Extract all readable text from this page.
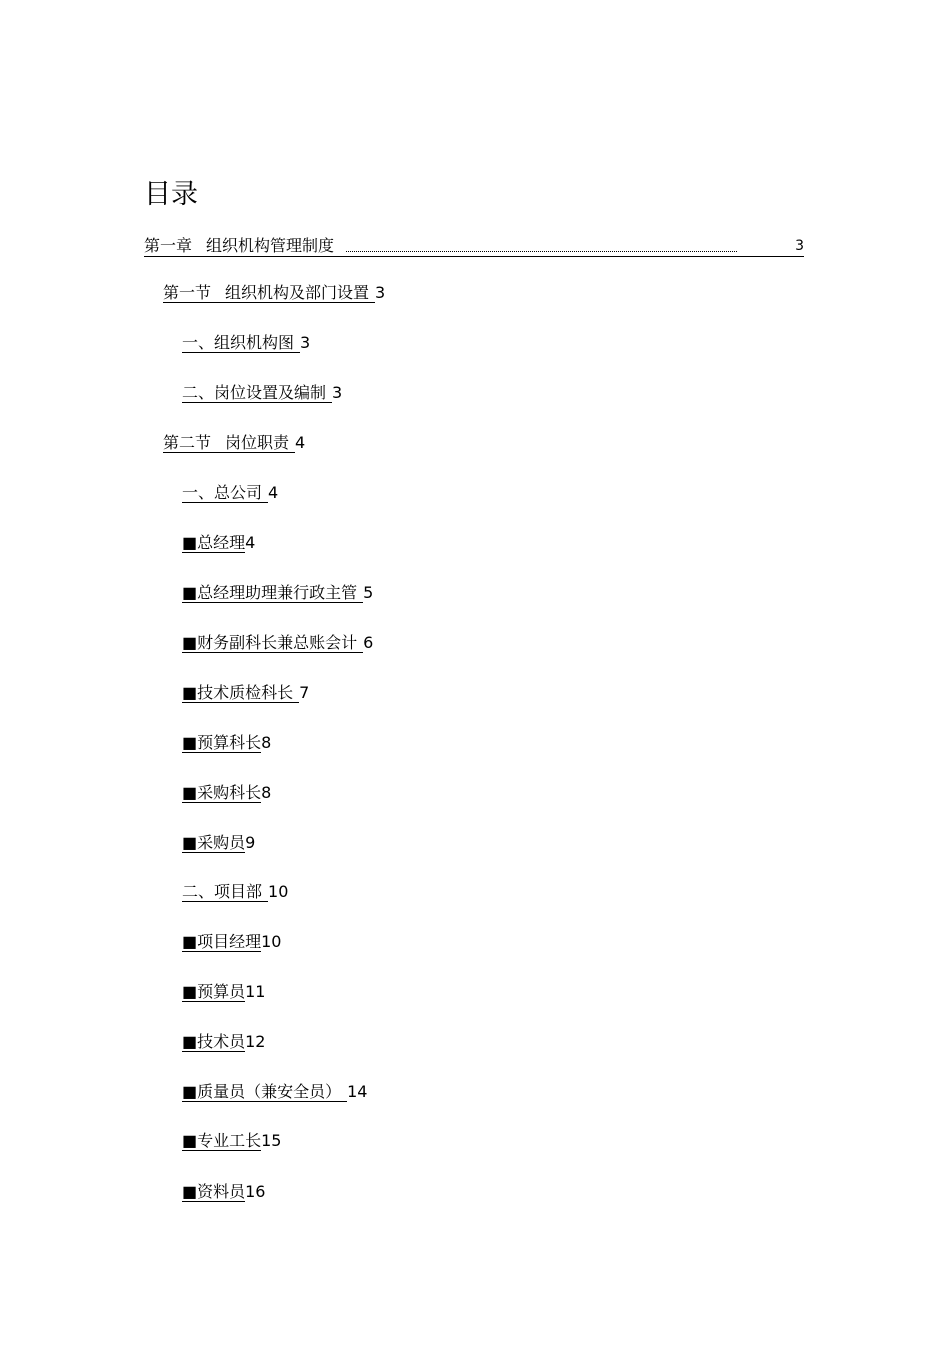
目录
第一章 组织机构管理制度	3
第一节 组织机构及部门设置 3
一、组织机构图 3
二、岗位设置及编制 3
第二节 岗位职责 4
一、总公司 4
■总经理4
■总经理助理兼行政主管 5
■财务副科长兼总账会计 6
■技术质检科长 7
■预算科长8
■采购科长8
■采购员9
二、项目部 10
■项目经理10
■预算员11
■技术员12
■质量员（兼安全员） 14
■专业工长15
■资料员16
